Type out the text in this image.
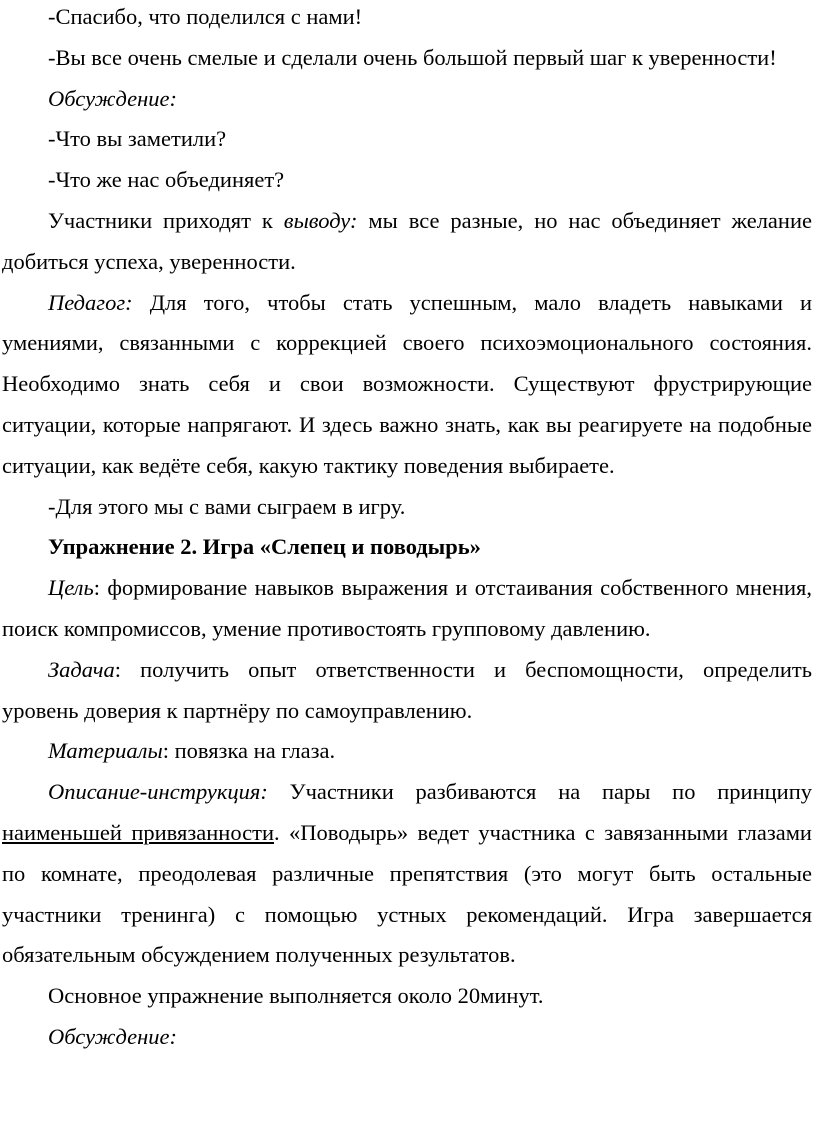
-Спасибо, что поделился с нами!

-Вы все очень смелые и сделали очень большой первый шаг к уверенности!

Обсуждение:

-Что вы заметили?

-Что же нас объединяет?

Участники приходят к выводу: мы все разные, но нас объединяет желание добиться успеха, уверенности.

Педагог: Для того, чтобы стать успешным, мало владеть навыками и умениями, связанными с коррекцией своего психоэмоционального состояния. Необходимо знать себя и свои возможности. Существуют фрустрирующие ситуации, которые напрягают. И здесь важно знать, как вы реагируете на подобные ситуации, как ведёте себя, какую тактику поведения выбираете.

-Для этого мы с вами сыграем в игру.

Упражнение 2. Игра «Слепец и поводырь»

Цель: формирование навыков выражения и отстаивания собственного мнения, поиск компромиссов, умение противостоять групповому давлению.

Задача: получить опыт ответственности и беспомощности, определить уровень доверия к партнёру по самоуправлению.

Материалы: повязка на глаза.

Описание-инструкция: Участники разбиваются на пары по принципу наименьшей привязанности. «Поводырь» ведет участника с завязанными глазами по комнате, преодолевая различные препятствия (это могут быть остальные участники тренинга) с помощью устных рекомендаций. Игра завершается обязательным обсуждением полученных результатов.

Основное упражнение выполняется около 20минут.

Обсуждение:
